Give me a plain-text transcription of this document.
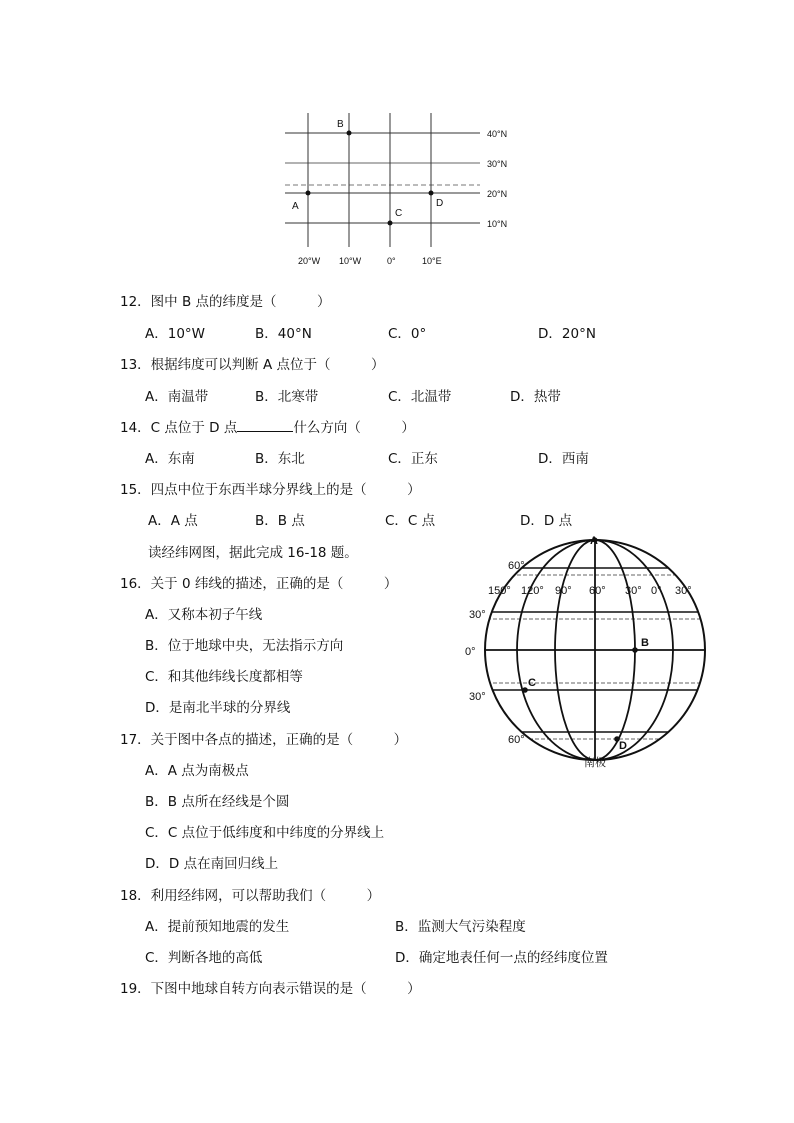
B
A	D
C
40°N
30°N
20°N
10°N
20°W 10°W	0°	10°E
12．图中 B 点的纬度是（　　　）
A．10°W	B．40°N	C．0°	D．20°N
13．根据纬度可以判断 A 点位于（　　　）
A．南温带	B．北寒带	C．北温带	D．热带
14．C 点位于 D 点	什么方向（　　　）
A．东南	B．东北	C．正东	D．西南
15．四点中位于东西半球分界线上的是（　　　）
A．A 点	B．B 点	C．C 点	D．D 点
读经纬网图，据此完成 16-18 题。
16．关于 0 纬线的描述，正确的是（　　　）
A．又称本初子午线
B．位于地球中央，无法指示方向
C．和其他纬线长度都相等
D．是南北半球的分界线
17．关于图中各点的描述，正确的是（　　　）
A．A 点为南极点
B．B 点所在经线是个圆
C．C 点位于低纬度和中纬度的分界线上
D．D 点在南回归线上
18．利用经纬网，可以帮助我们（　　　）
A．提前预知地震的发生	B．监测大气污染程度
C．判断各地的高低	D．确定地表任何一点的经纬度位置
19．下图中地球自转方向表示错误的是（　　　）
A
B
C
D
150° 120° 90° 60° 30° 0° 30°
60°
30°
0°
30°
60°
南极
